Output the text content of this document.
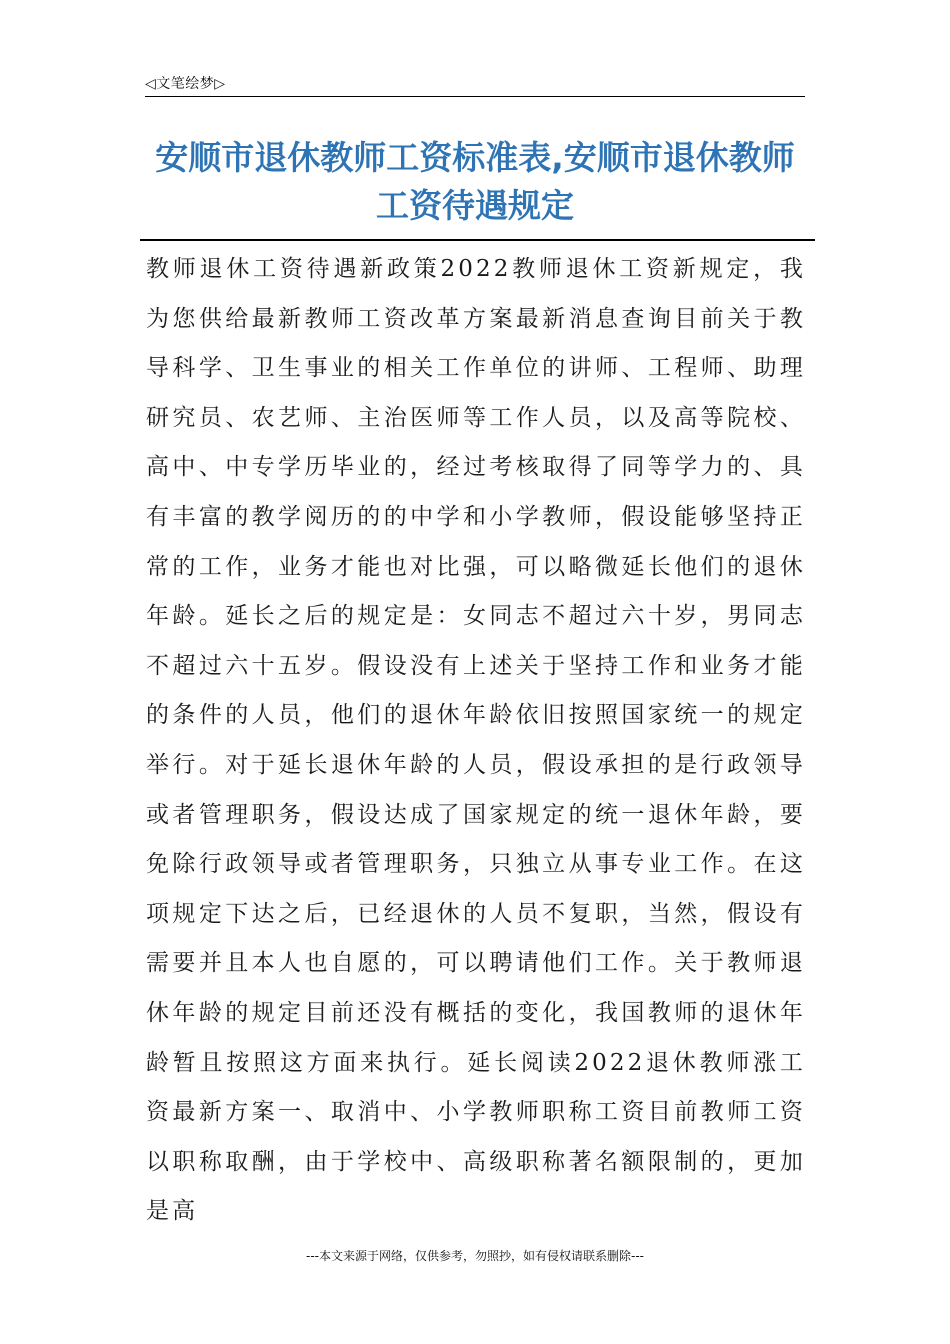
◁文笔绘梦▷
安顺市退休教师工资标准表,安顺市退休教师工资待遇规定

教师退休工资待遇新政策2022教师退休工资新规定，我为您供给最新教师工资改革方案最新消息查询目前关于教导科学、卫生事业的相关工作单位的讲师、工程师、助理研究员、农艺师、主治医师等工作人员，以及高等院校、高中、中专学历毕业的，经过考核取得了同等学力的、具有丰富的教学阅历的的中学和小学教师，假设能够坚持正常的工作，业务才能也对比强，可以略微延长他们的退休年龄。延长之后的规定是：女同志不超过六十岁，男同志不超过六十五岁。假设没有上述关于坚持工作和业务才能的条件的人员，他们的退休年龄依旧按照国家统一的规定举行。对于延长退休年龄的人员，假设承担的是行政领导或者管理职务，假设达成了国家规定的统一退休年龄，要免除行政领导或者管理职务，只独立从事专业工作。在这项规定下达之后，已经退休的人员不复职，当然，假设有需要并且本人也自愿的，可以聘请他们工作。关于教师退休年龄的规定目前还没有概括的变化，我国教师的退休年龄暂且按照这方面来执行。延长阅读2022退休教师涨工资最新方案一、取消中、小学教师职称工资目前教师工资以职称取酬，由于学校中、高级职称著名额限制的，更加是高

---本文来源于网络，仅供参考，勿照抄，如有侵权请联系删除---
